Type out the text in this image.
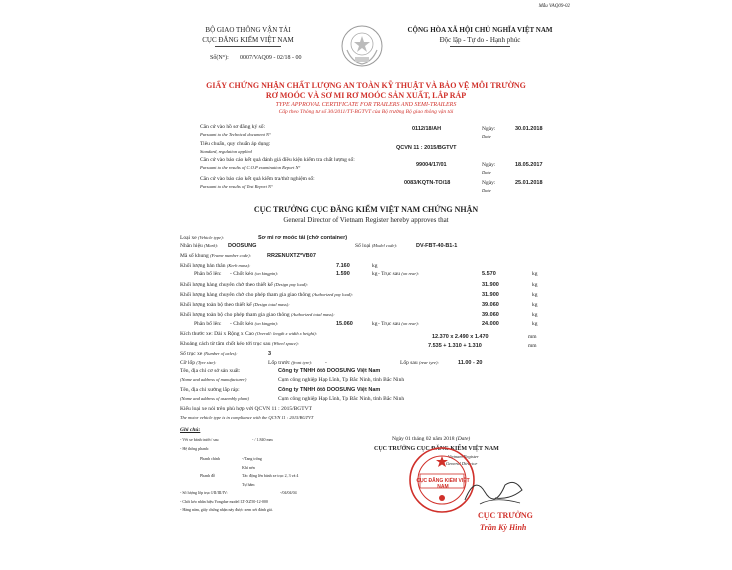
Mẫu VAQ09-02
BỘ GIAO THÔNG VẬN TẢI
CỤC ĐĂNG KIỂM VIỆT NAM
Số(N°): 0007/VAQ09 - 02/18 - 00
CỘNG HÒA XÃ HỘI CHỦ NGHĨA VIỆT NAM
Độc lập - Tự do - Hạnh phúc
GIẤY CHỨNG NHẬN CHẤT LƯỢNG AN TOÀN KỸ THUẬT VÀ BẢO VỆ MÔI TRƯỜNG
RƠ MOÓC VÀ SƠ MI RƠ MOÓC SẢN XUẤT, LẮP RÁP
TYPE APPROVAL CERTIFICATE FOR TRAILERS AND SEMI-TRAILERS
Cấp theo Thông tư số 30/2011/TT-BGTVT của Bộ trưởng Bộ giao thông vận tải
Căn cứ vào hồ sơ đăng ký số:
Pursuant to the Technical document N°
0112/18/AH	Ngày:
Date
30.01.2018
Tiêu chuẩn, quy chuẩn áp dụng:
Standard, regulation applied
QCVN 11 : 2015/BGTVT
Căn cứ vào báo cáo kết quả đánh giá điều kiện kiểm tra chất lượng số:
Pursuant to the results of C.O.P examination Report N°	99004/17/01	Ngày:
Date
18.05.2017
Căn cứ vào báo cáo kết quả kiểm tra/thử nghiệm số:
Pursuant to the results of Test Report N°
0083/KQTN-TO/18	Ngày:
Date
25.01.2018
CỤC TRƯỞNG CỤC ĐĂNG KIỂM VIỆT NAM CHỨNG NHẬN
General Director of Vietnam Register hereby approves that
Loại xe (Vehicle type):	Sơ mi rơ moóc tải (chở container)
Nhãn hiệu (Mark): DOOSUNG	Số loại (Model code):	DV-FBT-40-B1-1
Mã số khung (Frame number code):	RR2ENUXTZ*VB07
Khối lượng bản thân (Kerb mass):	7.160	kg
Phân bố lên: - Chốt kéo (on kingpin):	1.590	kg - Trục sau (on rear):	5.570	kg
Khối lượng hàng chuyên chở theo thiết kế (Design pay load):	31.900	kg
Khối lượng hàng chuyên chở cho phép tham gia giao thông (Authorized pay load):	31.900	kg
Khối lượng toàn bộ theo thiết kế (Design total mass):	39.060	kg
Khối lượng toàn bộ cho phép tham gia giao thông (Authorized total mass):	39.060	kg
Phân bố lên: - Chốt kéo (on kingpin):	15.060	kg - Trục sau (on rear):	24.000	kg
Kích thước xe: Dài x Rộng x Cao (Overall: length x width x height):
12.370 x 2.490 x 1.470	mm
Khoảng cách từ tâm chốt kéo tới trục sau (Wheel space):	7.535 + 1.310 + 1.310	mm
Số trục xe (Number of axles):	3
Cỡ lốp (Tyre size):	Lốp trước (front tyre): -	Lốp sau (rear tyre):	11.00 - 20
Tên, địa chỉ cơ sở sản xuất:	Công ty TNHH ôtô DOOSUNG Việt Nam
(Name and address of manufacturer)	Cụm công nghiệp Hạp Lĩnh, Tp Bắc Ninh, tỉnh Bắc Ninh
Tên, địa chỉ xưởng lắp ráp:	Công ty TNHH ôtô DOOSUNG Việt Nam
(Name and address of assembly plant)	Cụm công nghiệp Hạp Lĩnh, Tp Bắc Ninh, tỉnh Bắc Ninh
Kiểu loại xe nói trên phù hợp với QCVN 11 : 2015/BGTVT
The motor vehicle type is in compliance with the QCVN 11 : 2015/BGTVT
Ghi chú:
- Vết xe bánh trước/ sau	- / 1.840 mm
- Hệ thống phanh:
Phanh chính	-/Tang trống
Khí nén
Phanh đỗ	Tác động lên bánh xe trục 2, 3 và 4
Tự hãm
- Số lượng lốp trục I/II/III/IV:	-/04/04/04
- Chốt kéo nhãn hiệu Yongdae model LT-XZ50-12-000
- Hàng năm, giấy chứng nhận này được xem xét đánh giá.
Ngày 01 tháng 02 năm 2018 (Date)
CỤC TRƯỞNG CỤC ĐĂNG KIỂM VIỆT NAM
Vietnam Register
General Director
CỤC ĐĂNG KIỂM VIỆT NAM
CỤC TRƯỞNG
Trần Kỳ Hình
